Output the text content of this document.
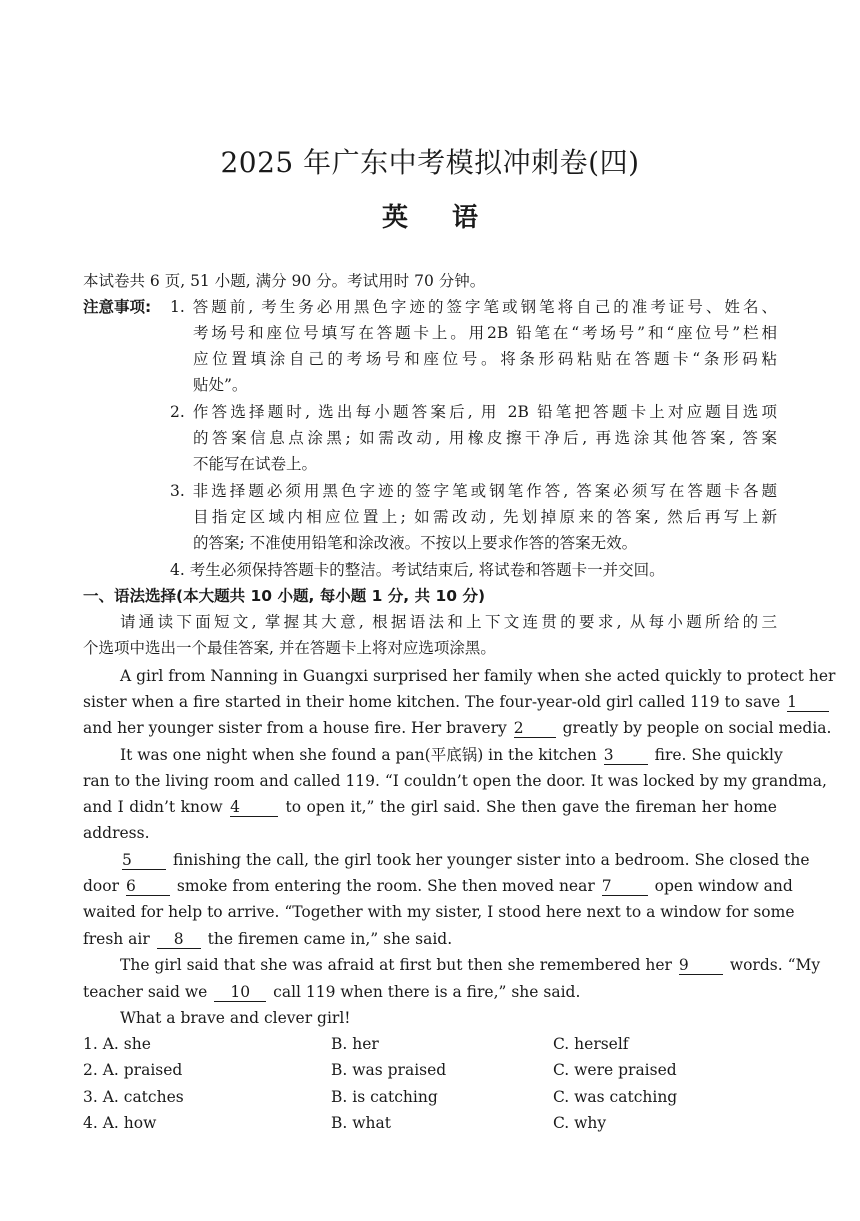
2025 年广东中考模拟冲刺卷(四)
英 语
本试卷共 6 页, 51 小题, 满分 90 分。考试用时 70 分钟。
注意事项:	1. 答题前, 考生务必用黑色字迹的签字笔或钢笔将自己的准考证号、姓名、
考场号和座位号填写在答题卡上。用2B 铅笔在“考场号”和“座位号”栏相
应位置填涂自己的考场号和座位号。将条形码粘贴在答题卡“条形码粘
贴处”。
2. 作答选择题时, 选出每小题答案后, 用 2B 铅笔把答题卡上对应题目选项
的答案信息点涂黑; 如需改动, 用橡皮擦干净后, 再选涂其他答案, 答案
不能写在试卷上。
3. 非选择题必须用黑色字迹的签字笔或钢笔作答, 答案必须写在答题卡各题
目指定区域内相应位置上; 如需改动, 先划掉原来的答案, 然后再写上新
的答案; 不准使用铅笔和涂改液。不按以上要求作答的答案无效。
4. 考生必须保持答题卡的整洁。考试结束后, 将试卷和答题卡一并交回。
一、语法选择(本大题共 10 小题, 每小题 1 分, 共 10 分)
请通读下面短文, 掌握其大意, 根据语法和上下文连贯的要求, 从每小题所给的三
个选项中选出一个最佳答案, 并在答题卡上将对应选项涂黑。
A girl from Nanning in Guangxi surprised her family when she acted quickly to protect her
sister when a fire started in their home kitchen. The four-year-old girl called 119 to save 1
and her younger sister from a house fire. Her bravery 2	greatly by people on social media.
It was one night when she found a pan(平底锅) in the kitchen 3	fire. She quickly
ran to the living room and called 119. “I couldn’t open the door. It was locked by my grandma,
and I didn’t know 4	to open it,” the girl said. She then gave the fireman her home
address.
5	finishing the call, the girl took her younger sister into a bedroom. She closed the
door 6	smoke from entering the room. She then moved near 7	open window and
waited for help to arrive. “Together with my sister, I stood here next to a window for some
fresh air 8 the firemen came in,” she said.
The girl said that she was afraid at first but then she remembered her 9	words. “My
teacher said we 10 call 119 when there is a fire,” she said.
What a brave and clever girl!
1. A. she	B. her	C. herself
2. A. praised	B. was praised	C. were praised
3. A. catches	B. is catching	C. was catching
4. A. how	B. what	C. why
